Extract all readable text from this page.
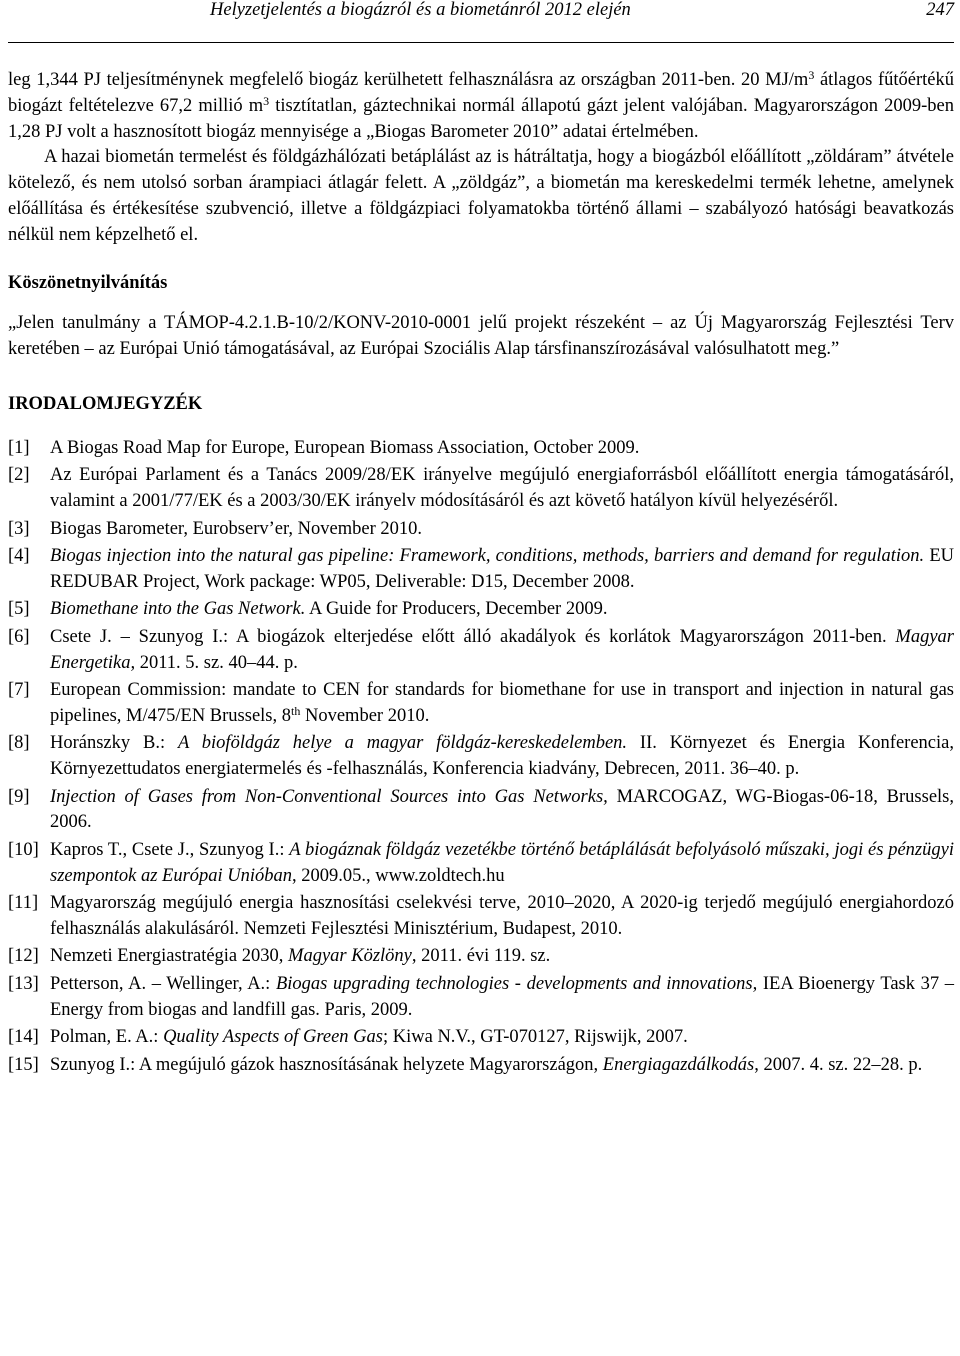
Helyzetjelentés a biogázról és a biometánról 2012 elején	247

leg 1,344 PJ teljesítménynek megfelelő biogáz kerülhetett felhasználásra az országban 2011-ben. 20 $MJ/m^3$ átlagos fűtőértékű biogázt feltételezve 67,2 millió $m^3$ tisztítatlan, gáztechnikai normál állapotú gázt jelent valójában. Magyarországon 2009-ben 1,28 PJ volt a hasznosított biogáz mennyisége a „Biogas Barometer 2010” adatai értelmében.

A hazai biometán termelést és földgázhálózati betáplálást az is hátráltatja, hogy a biogázból előállított „zöldáram” átvétele kötelező, és nem utolsó sorban árampiaci átlagár felett. A „zöldgáz”, a biometán ma kereskedelmi termék lehetne, amelynek előállítása és értékesítése szubvenció, illetve a földgázpiaci folyamatokba történő állami – szabályozó hatósági beavatkozás nélkül nem képzelhető el.

Köszönetnyilvánítás

„Jelen tanulmány a TÁMOP-4.2.1.B-10/2/KONV-2010-0001 jelű projekt részeként – az Új Magyarország Fejlesztési Terv keretében – az Európai Unió támogatásával, az Európai Szociális Alap társfinanszírozásával valósulhatott meg.”

IRODALOMJEGYZÉK
[1] A Biogas Road Map for Europe, European Biomass Association, October 2009.
[2] Az Európai Parlament és a Tanács 2009/28/EK irányelve megújuló energiaforrásból előállított energia támogatásáról, valamint a 2001/77/EK és a 2003/30/EK irányelv módosításáról és azt követő hatályon kívül helyezéséről.
[3] Biogas Barometer, Eurobserv’er, November 2010.
[4] Biogas injection into the natural gas pipeline: Framework, conditions, methods, barriers and demand for regulation. EU REDUBAR Project, Work package: WP05, Deliverable: D15, December 2008.
[5] Biomethane into the Gas Network. A Guide for Producers, December 2009.
[6] Csete J. – Szunyog I.: A biogázok elterjedése előtt álló akadályok és korlátok Magyarországon 2011-ben. Magyar Energetika, 2011. 5. sz. 40–44. p.
[7] European Commission: mandate to CEN for standards for biomethane for use in transport and injection in natural gas pipelines, M/475/EN Brussels, 8th November 2010.
[8] Horánszky B.: A bioföldgáz helye a magyar földgáz-kereskedelemben. II. Környezet és Energia Konferencia, Környezettudatos energiatermelés és -felhasználás, Konferencia kiadvány, Debrecen, 2011. 36–40. p.
[9] Injection of Gases from Non-Conventional Sources into Gas Networks, MARCOGAZ, WG-Biogas-06-18, Brussels, 2006.
[10] Kapros T., Csete J., Szunyog I.: A biogáznak földgáz vezetékbe történő betáplálását befolyásoló műszaki, jogi és pénzügyi szempontok az Európai Unióban, 2009.05., www.zoldtech.hu
[11] Magyarország megújuló energia hasznosítási cselekvési terve, 2010–2020, A 2020-ig terjedő megújuló energiahordozó felhasználás alakulásáról. Nemzeti Fejlesztési Minisztérium, Budapest, 2010.
[12] Nemzeti Energiastratégia 2030, Magyar Közlöny, 2011. évi 119. sz.
[13] Petterson, A. – Wellinger, A.: Biogas upgrading technologies - developments and innovations, IEA Bioenergy Task 37 – Energy from biogas and landfill gas. Paris, 2009.
[14] Polman, E. A.: Quality Aspects of Green Gas; Kiwa N.V., GT-070127, Rijswijk, 2007.
[15] Szunyog I.: A megújuló gázok hasznosításának helyzete Magyarországon, Energiagazdálkodás, 2007. 4. sz. 22–28. p.
